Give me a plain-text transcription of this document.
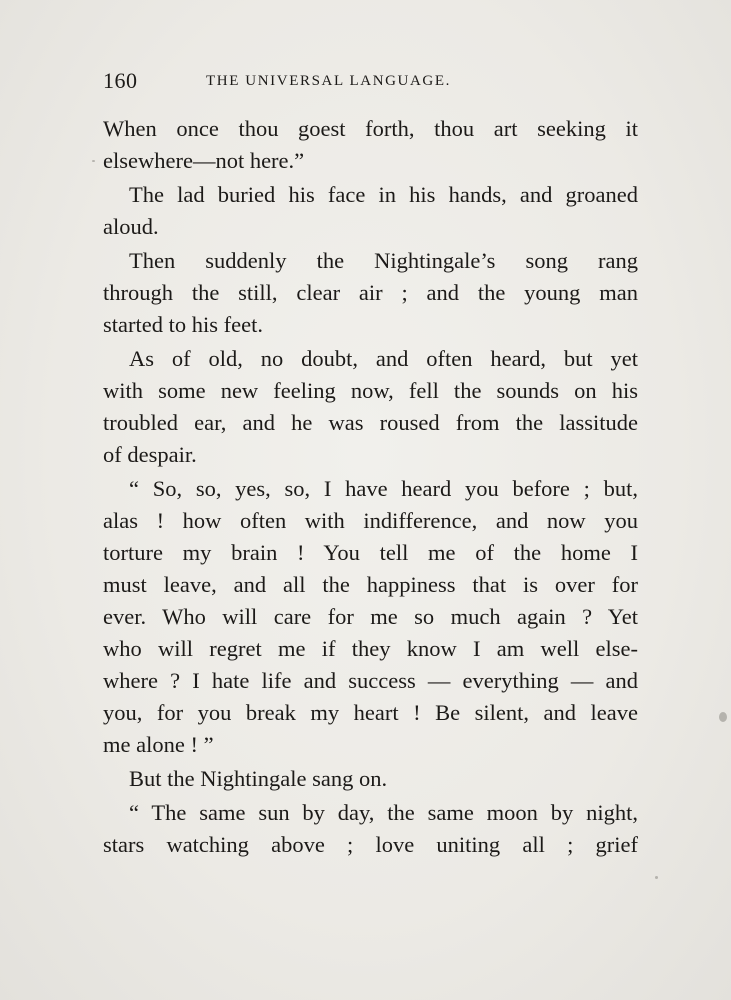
160	THE UNIVERSAL LANGUAGE.
When once thou goest forth, thou art seeking it
elsewhere—not here.”
The lad buried his face in his hands, and groaned
aloud.
Then suddenly the Nightingale’s song rang
through the still, clear air ; and the young man
started to his feet.
As of old, no doubt, and often heard, but yet
with some new feeling now, fell the sounds on his
troubled ear, and he was roused from the lassitude
of despair.
“ So, so, yes, so, I have heard you before ; but,
alas ! how often with indifference, and now you
torture my brain ! You tell me of the home I
must leave, and all the happiness that is over for
ever. Who will care for me so much again ? Yet
who will regret me if they know I am well else-
where ? I hate life and success — everything — and
you, for you break my heart ! Be silent, and leave
me alone ! ”
But the Nightingale sang on.
“ The same sun by day, the same moon by night,
stars watching above ; love uniting all ; grief
